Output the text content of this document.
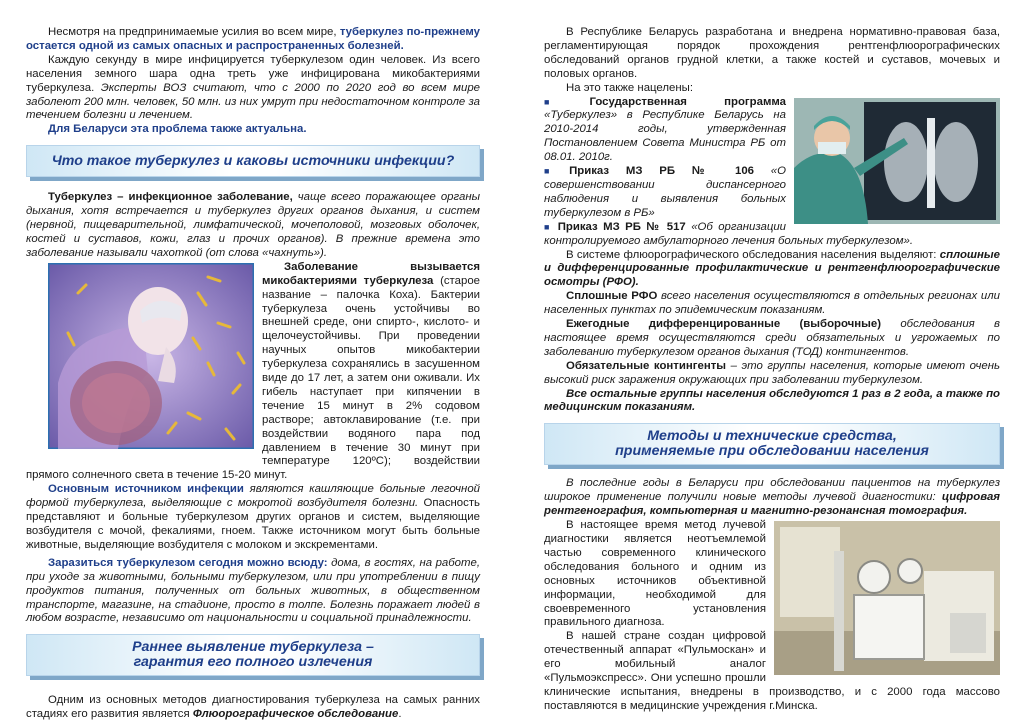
Несмотря на предпринимаемые усилия во всем мире, туберкулез по-прежнему остается одной из самых опасных и распространенных болезней.

Каждую секунду в мире инфицируется туберкулезом один человек. Из всего населения земного шара одна треть уже инфицирована микобактериями туберкулеза. Эксперты ВОЗ считают, что с 2000 по 2020 год во всем мире заболеют 200 млн. человек, 50 млн. из них умрут при недостаточном контроле за течением болезни и лечением.

Для Беларуси эта проблема также актуальна.

Что такое туберкулез и каковы источники инфекции?

Туберкулез – инфекционное заболевание, чаще всего поражающее органы дыхания, хотя встречается и туберкулез других органов дыхания, и систем (нервной, пищеварительной, лимфатической, мочеполовой, мозговых оболочек, костей и суставов, кожи, глаз и прочих органов). В прежние времена это заболевание называли чахоткой (от слова «чахнуть»).

Заболевание вызывается микобактериями туберкулеза (старое название – палочка Коха). Бактерии туберкулеза очень устойчивы во внешней среде, они спирто-, кислото- и щелочеустойчивы. При проведении научных опытов микобактерии туберкулеза сохранялись в засушенном виде до 17 лет, а затем они оживали. Их гибель наступает при кипячении в течение 15 минут в 2% содовом растворе; автоклавирование (т.е. при воздействии водяного пара под давлением в течение 30 минут при температуре 120ºС); воздействии прямого солнечного света в течение 15-20 минут.

Основным источником инфекции являются кашляющие больные легочной формой туберкулеза, выделяющие с мокротой возбудителя болезни. Опасность представляют и больные туберкулезом других органов и систем, выделяющие возбудителя с мочой, фекалиями, гноем. Также источником могут быть больные животные, выделяющие возбудителя с молоком и экскрементами.

Заразиться туберкулезом сегодня можно всюду: дома, в гостях, на работе, при уходе за животными, больными туберкулезом, или при употреблении в пищу продуктов питания, полученных от больных животных, в общественном транспорте, магазине, на стадионе, просто в толпе. Болезнь поражает людей в любом возрасте, независимо от национальности и социальной принадлежности.

Раннее выявление туберкулеза –
гарантия его полного излечения

Одним из основных методов диагностирования туберкулеза на самых ранних стадиях его развития является Флюорографическое обследование.

В Республике Беларусь разработана и внедрена нормативно-правовая база, регламентирующая порядок прохождения рентгенфлюорографических обследований органов грудной клетки, а также костей и суставов, мочевых и половых органов.

На это также нацелены:

■ Государственная программа «Туберкулез» в Республике Беларусь на 2010-2014 годы, утвержденная Постановлением Совета Министра РБ от 08.01. 2010г.

■ Приказ МЗ РБ № 106 «О совершенствовании диспансерного наблюдения и выявления больных туберкулезом в РБ»

■ Приказ МЗ РБ № 517 «Об организации контролируемого амбулаторного лечения больных туберкулезом».

В системе флюорографического обследования населения выделяют: сплошные и дифференцированные профилактические и рентгенфлюорографические осмотры (РФО).

Сплошные РФО всего населения осуществляются в отдельных регионах или населенных пунктах по эпидемическим показаниям.

Ежегодные дифференцированные (выборочные) обследования в настоящее время осуществляются среди обязательных и угрожаемых по заболеванию туберкулезом органов дыхания (ТОД) контингентов.

Обязательные контингенты – это группы населения, которые имеют очень высокий риск заражения окружающих при заболевании туберкулезом.

Все остальные группы населения обследуются 1 раз в 2 года, а также по медицинским показаниям.

Методы и технические средства,
применяемые при обследовании населения

В последние годы в Беларуси при обследовании пациентов на туберкулез широкое применение получили новые методы лучевой диагностики: цифровая рентгенография, компьютерная и магнитно-резонансная томография.

В настоящее время метод лучевой диагностики является неотъемлемой частью современного клинического обследования больного и одним из основных источников объективной информации, необходимой для своевременного установления правильного диагноза.

В нашей стране создан цифровой отечественный аппарат «Пульмоскан» и его мобильный аналог «Пульмоэкспресс». Они успешно прошли клинические испытания, внедрены в производство, и с 2000 года массово поставляются в медицинские учреждения г.Минска.
